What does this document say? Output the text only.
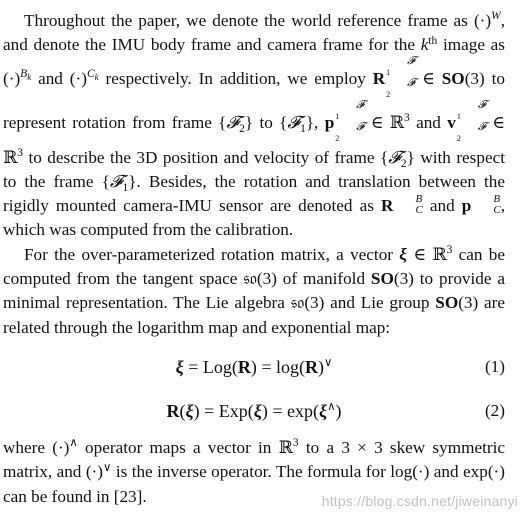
Throughout the paper, we denote the world reference frame as $(\cdot)^W$, and denote the IMU body frame and camera frame for the $k^{th}$ image as $(\cdot)^{B_k}$ and $(\cdot)^{C_k}$ respectively. In addition, we employ R
𝓕
1
𝓕
2
∈ SO(3) to represent rotation from frame {𝓕$_2$} to {𝓕$_1$}, p
𝓕
1
𝓕
2
∈ ℝ$^3$ and v
𝓕
1
𝓕
2
∈ ℝ$^3$ to describe the 3D position and velocity of frame {𝓕$_2$} with respect to the frame {𝓕$_1$}. Besides, the rotation and translation between the rigidly mounted camera-IMU sensor are denoted as R	B
C and p	B
C , which was computed from the calibration.

For the over-parameterized rotation matrix, a vector ξ ∈ ℝ$^3$ can be computed from the tangent space 𝔰𝔬(3) of manifold SO(3) to provide a minimal representation. The Lie algebra 𝔰𝔬(3) and Lie group SO(3) are related through the logarithm map and exponential map:

ξ = Log(R) = log(R)∨	(1)
R(ξ) = Exp(ξ) = exp(ξ∧)	(2)

where (·)∧ operator maps a vector in ℝ$^3$ to a 3 × 3 skew symmetric matrix, and (·)∨ is the inverse operator. The formula for log(·) and exp(·) can be found in [23].	https://blog.csdn.net/jiweinanyi
